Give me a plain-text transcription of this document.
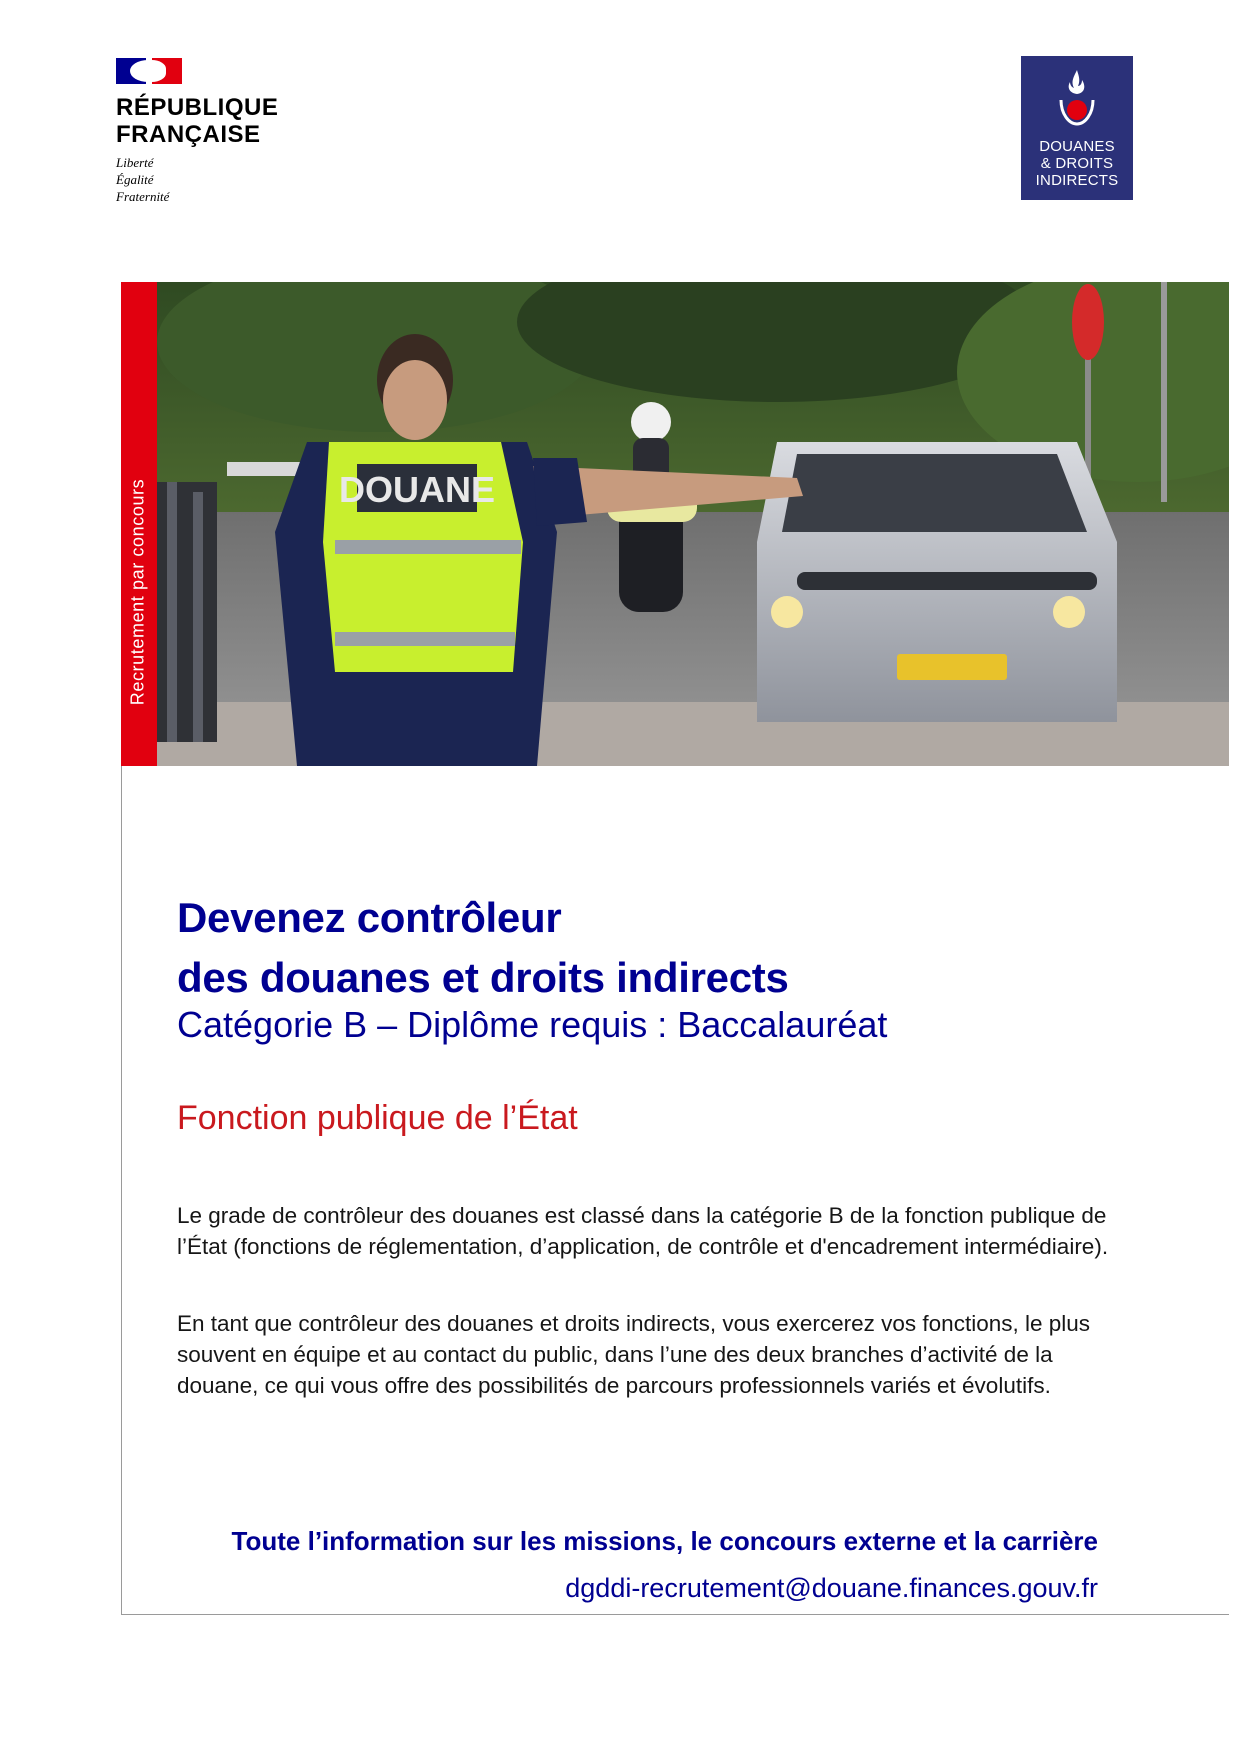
RÉPUBLIQUE
FRANÇAISE
Liberté
Égalité
Fraternité
DOUANES
& DROITS
INDIRECTS
Recrutement par concours	DOUANE
Devenez contrôleur
des douanes et droits indirects
Catégorie B – Diplôme requis : Baccalauréat
Fonction publique de l’État

Le grade de contrôleur des douanes est classé dans la catégorie B de la fonction publique de l’État (fonctions de réglementation, d’application, de contrôle et d'encadrement intermédiaire).

En tant que contrôleur des douanes et droits indirects, vous exercerez vos fonctions, le plus souvent en équipe et au contact du public, dans l’une des deux branches d’activité de la douane, ce qui vous offre des possibilités de parcours professionnels variés et évolutifs.

Toute l’information sur les missions, le concours externe et la carrière
dgddi-recrutement@douane.finances.gouv.fr
